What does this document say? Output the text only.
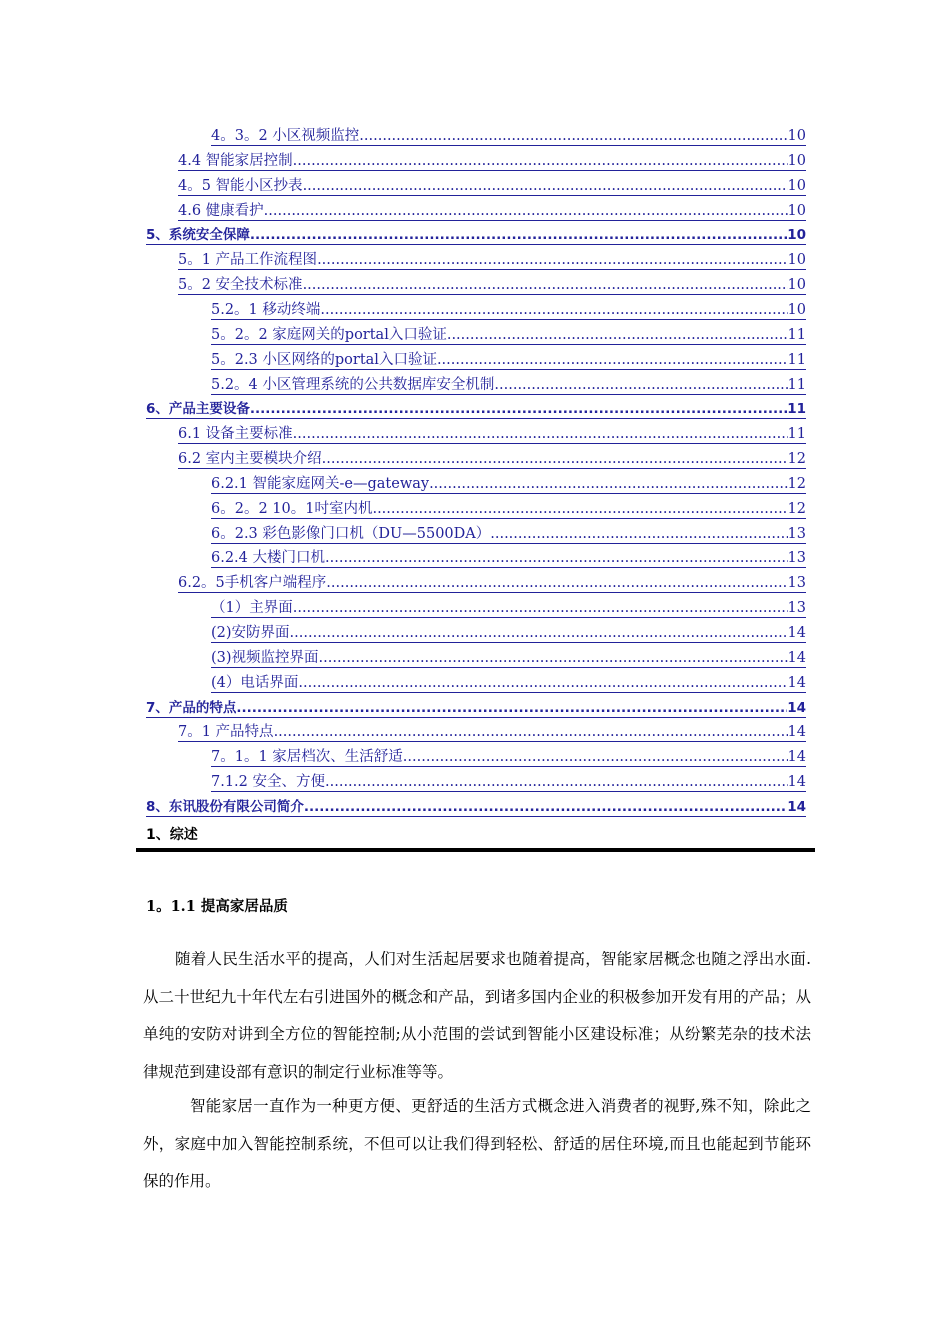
4。3。2 小区视频监控 .....	10
4.4 智能家居控制 .....	10
4。5 智能小区抄表 .....	10
4.6 健康看护 .....	10
5、系统安全保障 .....	10
5。1 产品工作流程图 .....	10
5。2 安全技术标准 .....	10
5.2。1 移动终端 .....	10
5。2。2 家庭网关的portal入口验证 .....	11
5。2.3 小区网络的portal入口验证 .....	11
5.2。4 小区管理系统的公共数据库安全机制 .....	11
6、产品主要设备 .....	11
6.1 设备主要标准 .....	11
6.2 室内主要模块介绍 .....	12
6.2.1 智能家庭网关-e—gateway .....	12
6。2。2 10。1吋室内机 .....	12
6。2.3 彩色影像门口机（DU—5500DA） .....	13
6.2.4 大楼门口机 .....	13
6.2。5手机客户端程序 .....	13
（1）主界面 .....	13
(2)安防界面 .....	14
(3)视频监控界面 .....	14
(4）电话界面 .....	14
7、产品的特点 .....	14
7。1 产品特点 .....	14
7。1。1 家居档次、生活舒适 .....	14
7.1.2 安全、方便 .....	14
8、东讯股份有限公司简介 .....	14
1、综述
1。1.1 提高家居品质
随着人民生活水平的提高，人们对生活起居要求也随着提高，智能家居概念也随之浮出水面.从二十世纪九十年代左右引进国外的概念和产品，到诸多国内企业的积极参加开发有用的产品；从单纯的安防对讲到全方位的智能控制;从小范围的尝试到智能小区建设标准；从纷繁芜杂的技术法律规范到建设部有意识的制定行业标准等等。
智能家居一直作为一种更方便、更舒适的生活方式概念进入消费者的视野,殊不知，除此之外，家庭中加入智能控制系统，不但可以让我们得到轻松、舒适的居住环境,而且也能起到节能环保的作用。
